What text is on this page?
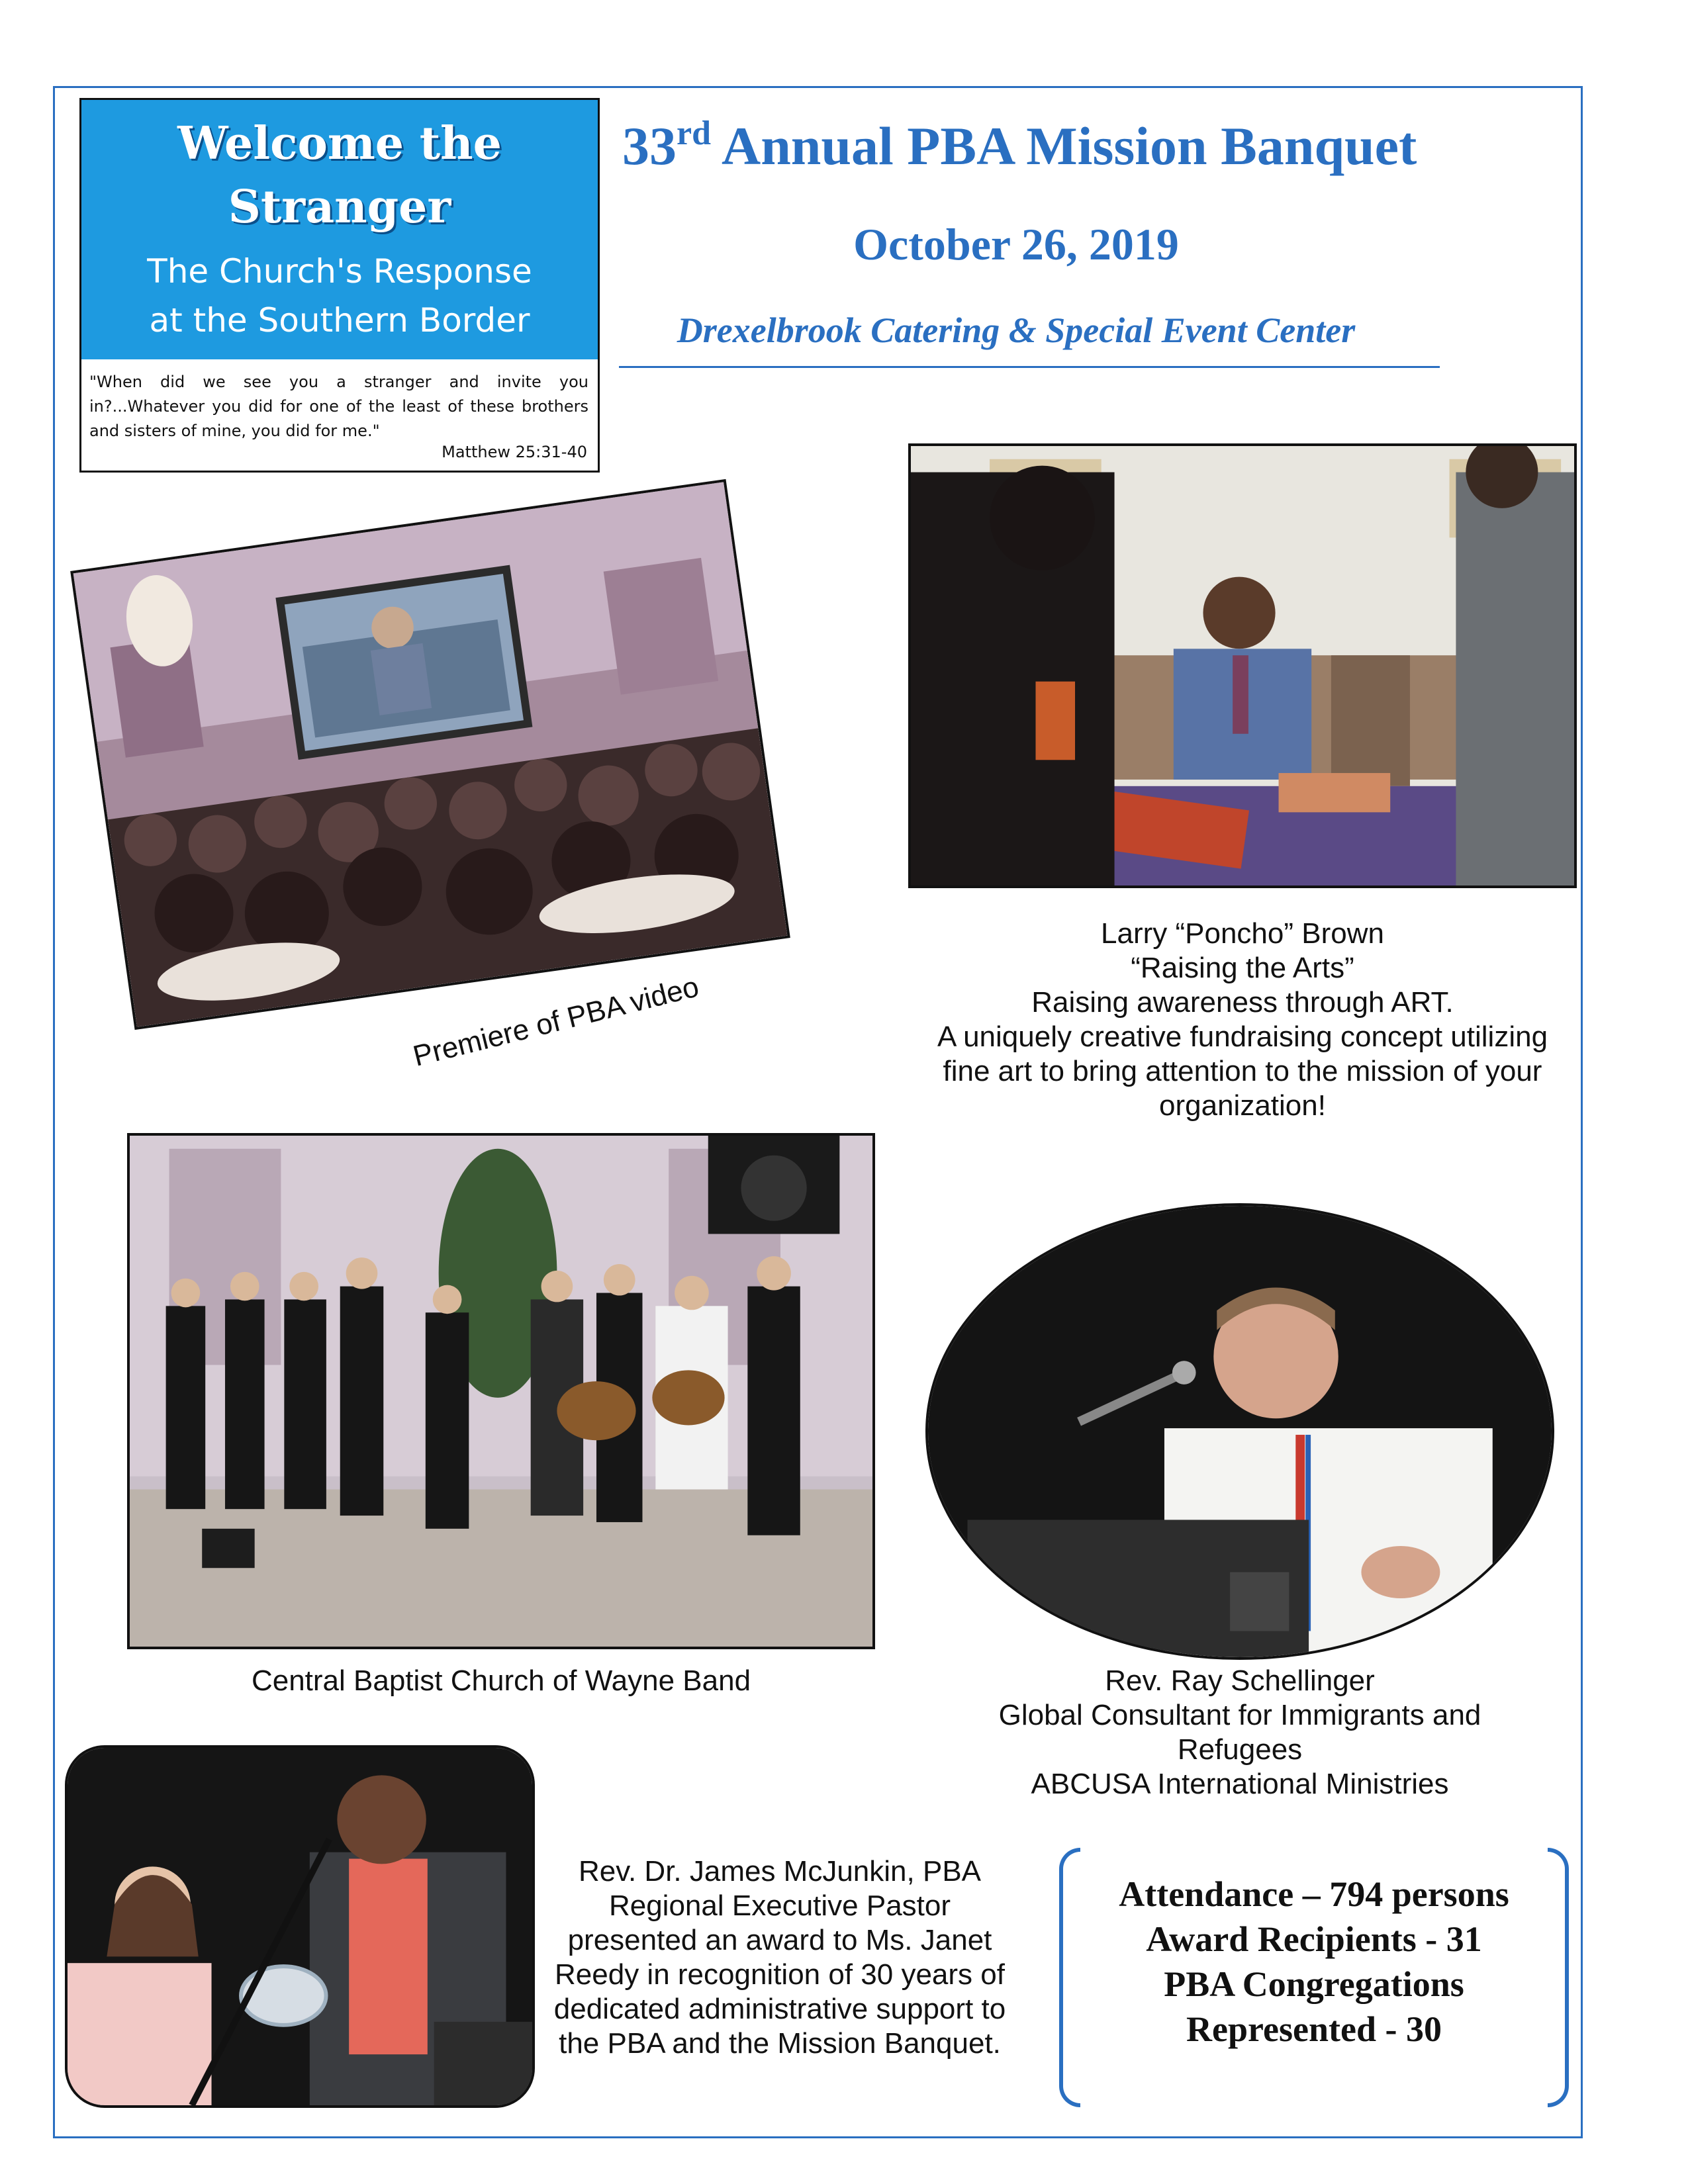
Welcome the
Stranger
The Church's Response
at the Southern Border
"When did we see you a stranger and invite you in?...Whatever you did for one of the least of these brothers and sisters of mine, you did for me."
Matthew 25:31-40
33rd Annual PBA Mission Banquet
October 26, 2019
Drexelbrook Catering & Special Event Center
Premiere of PBA video
Larry “Poncho” Brown
“Raising the Arts”
Raising awareness through ART.
A uniquely creative fundraising concept utilizing
fine art to bring attention to the mission of your
organization!
Central Baptist Church of Wayne Band	Rev. Ray Schellinger
Global Consultant for Immigrants and
Refugees
ABCUSA International Ministries
Rev. Dr. James McJunkin, PBA
Regional Executive Pastor
presented an award to Ms. Janet
Reedy in recognition of 30 years of
dedicated administrative support to
the PBA and the Mission Banquet.
Attendance – 794 persons
Award Recipients - 31
PBA Congregations
Represented - 30
